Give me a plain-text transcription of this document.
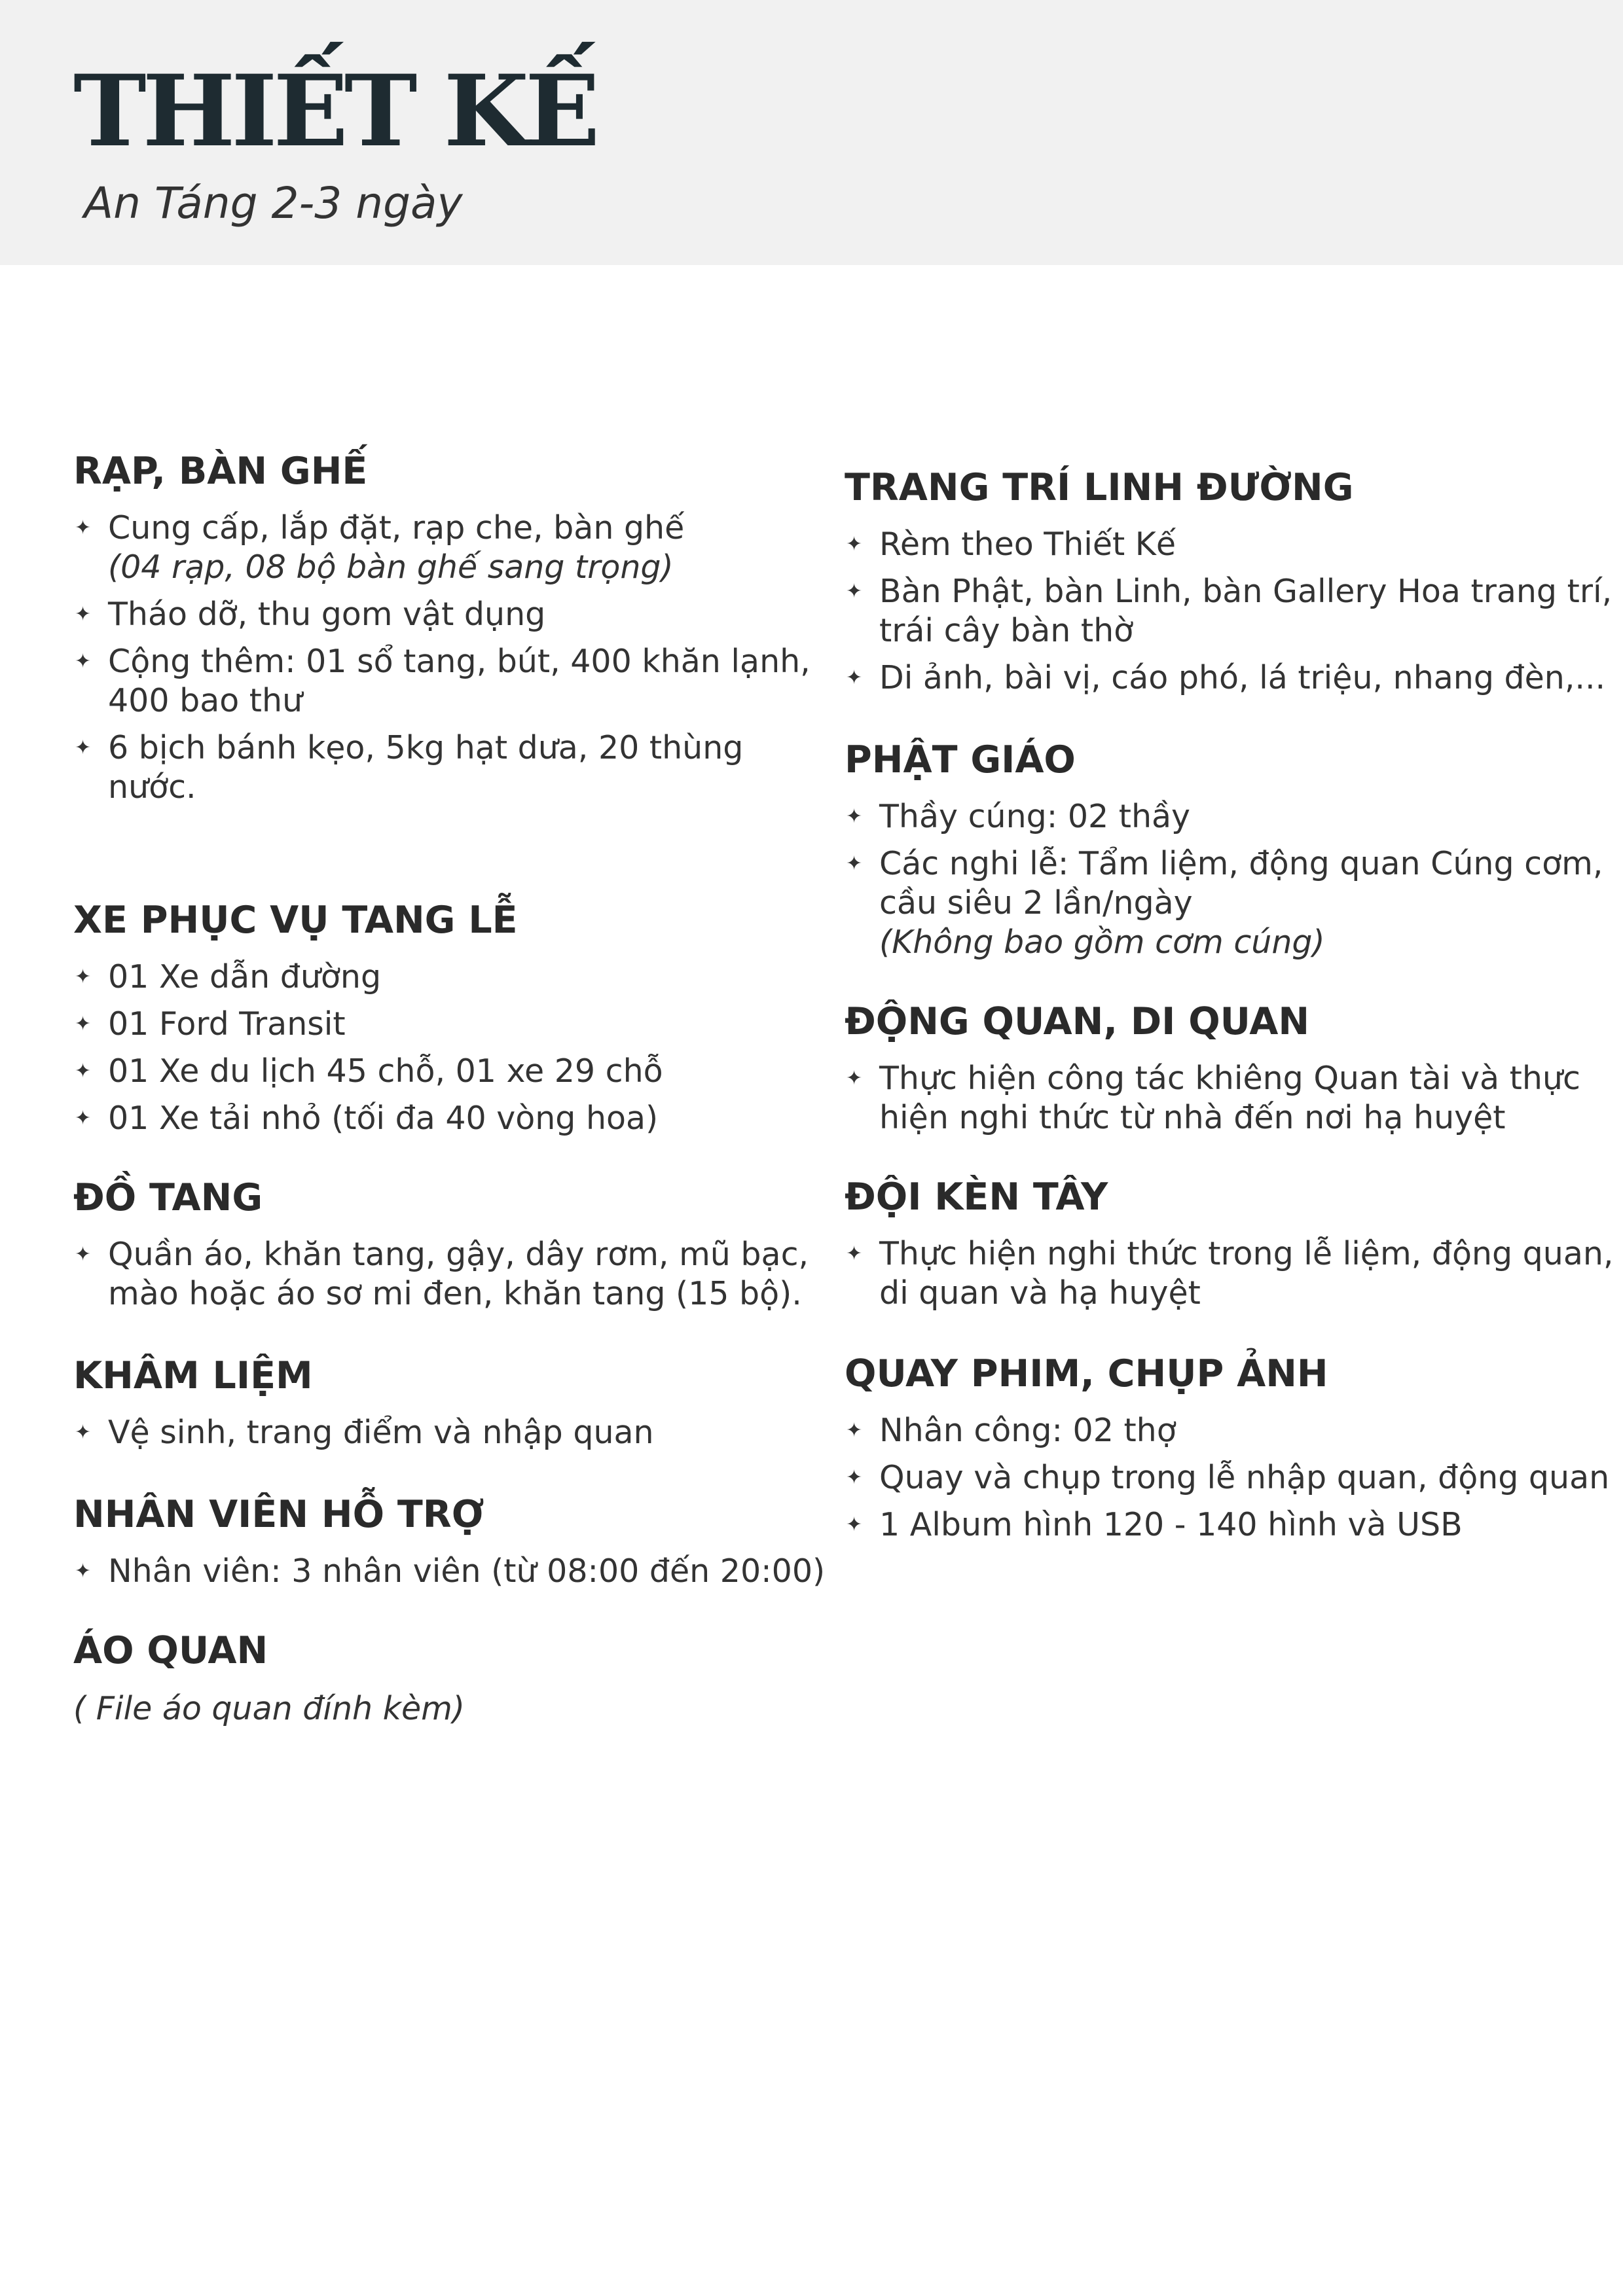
THIẾT KẾ
An Táng 2-3 ngày
RẠP, BÀN GHẾ
✦ Cung cấp, lắp đặt, rạp che, bàn ghế
(04 rạp, 08 bộ bàn ghế sang trọng)
✦ Tháo dỡ, thu gom vật dụng
✦ Cộng thêm: 01 sổ tang, bút, 400 khăn lạnh, 400 bao thư
✦ 6 bịch bánh kẹo, 5kg hạt dưa, 20 thùng nước.
XE PHỤC VỤ TANG LỄ
✦ 01 Xe dẫn đường
✦ 01 Ford Transit
✦ 01 Xe du lịch 45 chỗ, 01 xe 29 chỗ
✦ 01 Xe tải nhỏ (tối đa 40 vòng hoa)
ĐỒ TANG
✦ Quần áo, khăn tang, gậy, dây rơm, mũ bạc, mào hoặc áo sơ mi đen, khăn tang (15 bộ).
KHÂM LIỆM
✦ Vệ sinh, trang điểm và nhập quan
NHÂN VIÊN HỖ TRỢ
✦ Nhân viên: 3 nhân viên (từ 08:00 đến 20:00)
ÁO QUAN
( File áo quan đính kèm)
TRANG TRÍ LINH ĐƯỜNG
✦ Rèm theo Thiết Kế
✦ Bàn Phật, bàn Linh, bàn Gallery Hoa trang trí, trái cây bàn thờ
✦ Di ảnh, bài vị, cáo phó, lá triệu, nhang đèn,...
PHẬT GIÁO
✦ Thầy cúng: 02 thầy
✦ Các nghi lễ: Tẩm liệm, động quan Cúng cơm, cầu siêu 2 lần/ngày
(Không bao gồm cơm cúng)
ĐỘNG QUAN, DI QUAN
✦ Thực hiện công tác khiêng Quan tài và thực hiện nghi thức từ nhà đến nơi hạ huyệt
ĐỘI KÈN TÂY
✦ Thực hiện nghi thức trong lễ liệm, động quan, di quan và hạ huyệt
QUAY PHIM, CHỤP ẢNH
✦ Nhân công: 02 thợ
✦ Quay và chụp trong lễ nhập quan, động quan
✦ 1 Album hình 120 - 140 hình và USB
